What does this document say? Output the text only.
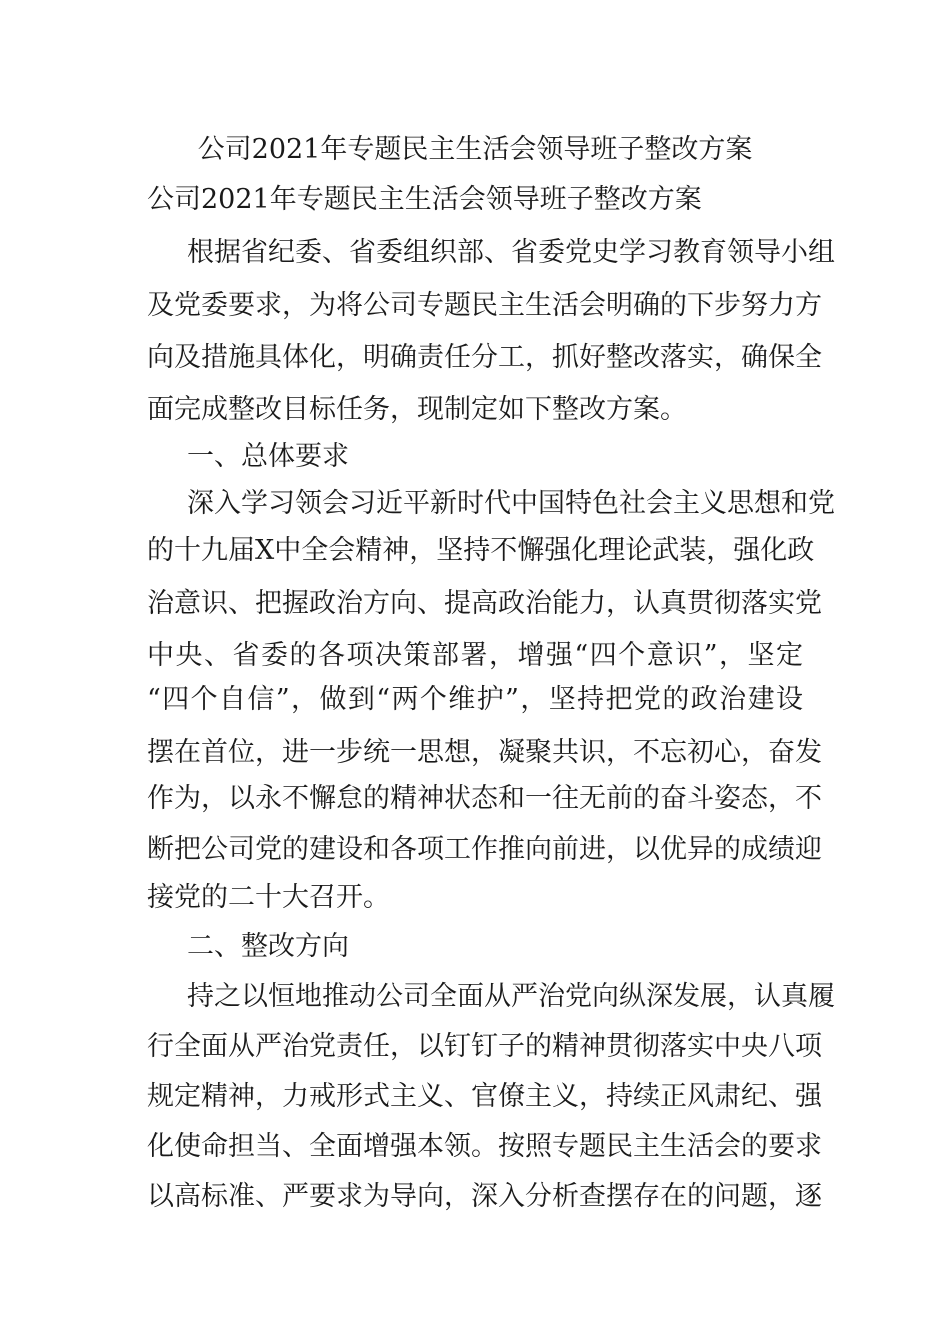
公司2021年专题民主生活会领导班子整改方案

公司2021年专题民主生活会领导班子整改方案

根据省纪委、省委组织部、省委党史学习教育领导小组

及党委要求，为将公司专题民主生活会明确的下步努力方

向及措施具体化，明确责任分工，抓好整改落实，确保全

面完成整改目标任务，现制定如下整改方案。

一、总体要求

深入学习领会习近平新时代中国特色社会主义思想和党

的十九届X中全会精神，坚持不懈强化理论武装，强化政

治意识、把握政治方向、提高政治能力，认真贯彻落实党

中央、省委的各项决策部署，增强“四个意识”，坚定

“四个自信”，做到“两个维护”，坚持把党的政治建设

摆在首位，进一步统一思想，凝聚共识，不忘初心，奋发

作为，以永不懈怠的精神状态和一往无前的奋斗姿态，不

断把公司党的建设和各项工作推向前进，以优异的成绩迎

接党的二十大召开。

二、整改方向

持之以恒地推动公司全面从严治党向纵深发展，认真履

行全面从严治党责任，以钉钉子的精神贯彻落实中央八项

规定精神，力戒形式主义、官僚主义，持续正风肃纪、强

化使命担当、全面增强本领。按照专题民主生活会的要求

以高标准、严要求为导向，深入分析查摆存在的问题，逐
